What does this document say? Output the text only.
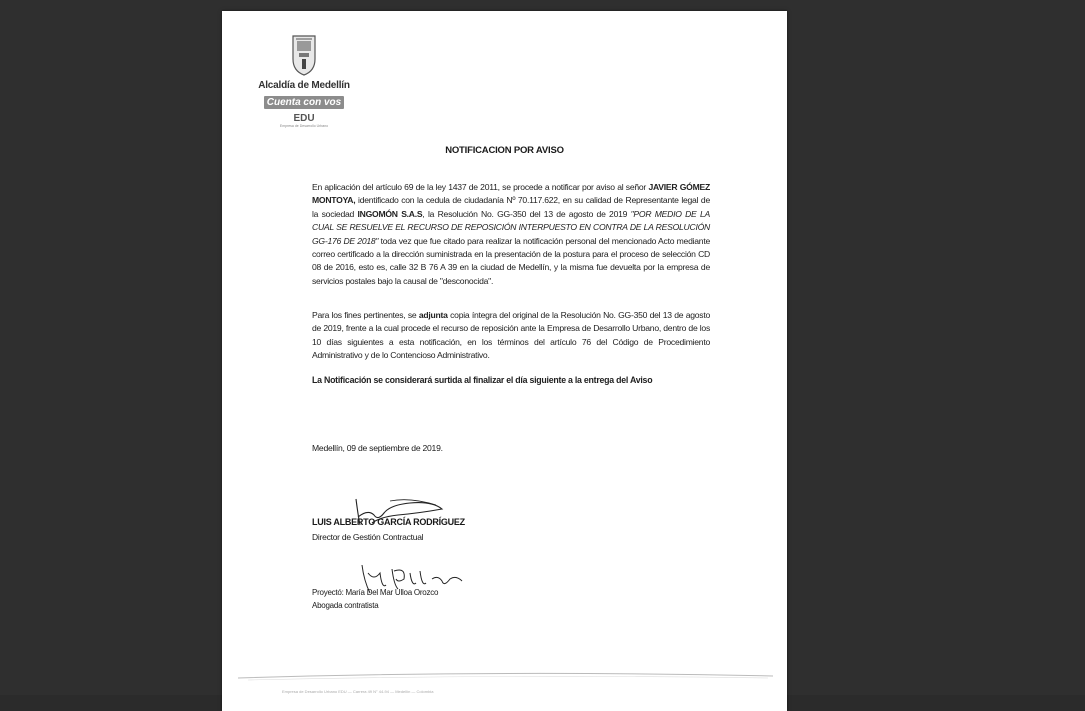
Alcaldía de Medellín
Cuenta con vos
EDU
Empresa de Desarrollo Urbano
NOTIFICACION POR AVISO
En aplicación del artículo 69 de la ley 1437 de 2011, se procede a notificar por aviso al señor JAVIER GÓMEZ MONTOYA, identificado con la cedula de ciudadanía Nº 70.117.622, en su calidad de Representante legal de la sociedad INGOMÓN S.A.S, la Resolución No. GG-350 del 13 de agosto de 2019 "POR MEDIO DE LA CUAL SE RESUELVE EL RECURSO DE REPOSICIÓN INTERPUESTO EN CONTRA DE LA RESOLUCIÓN GG-176 DE 2018" toda vez que fue citado para realizar la notificación personal del mencionado Acto mediante correo certificado a la dirección suministrada en la presentación de la postura para el proceso de selección CD 08 de 2016, esto es, calle 32 B 76 A 39 en la ciudad de Medellín, y la misma fue devuelta por la empresa de servicios postales bajo la causal de "desconocida".
Para los fines pertinentes, se adjunta copia íntegra del original de la Resolución No. GG-350 del 13 de agosto de 2019, frente a la cual procede el recurso de reposición ante la Empresa de Desarrollo Urbano, dentro de los 10 días siguientes a esta notificación, en los términos del artículo 76 del Código de Procedimiento Administrativo y de lo Contencioso Administrativo.
La Notificación se considerará surtida al finalizar el día siguiente a la entrega del Aviso
Medellín, 09 de septiembre de 2019.
LUIS ALBERTO GARCÍA RODRÍGUEZ
Director de Gestión Contractual
Proyectó: María Del Mar Ulloa Orozco
Abogada contratista
Empresa de Desarrollo Urbano EDU — Carrera 49 N° 44-94 — Medellín — Colombia
